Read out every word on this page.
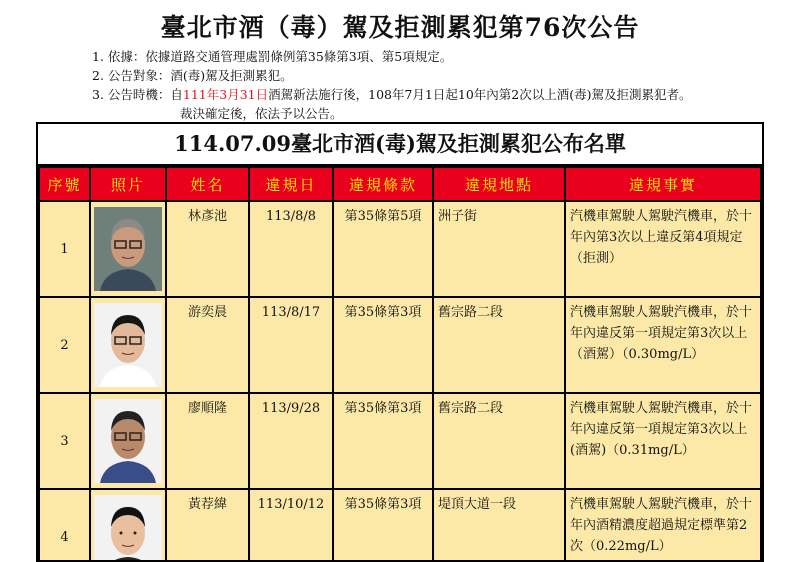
臺北市酒（毒）駕及拒測累犯第76次公告
1. 依據：依據道路交通管理處罰條例第35條第3項、第5項規定。
2. 公告對象：酒(毒)駕及拒測累犯。
3. 公告時機：自111年3月31日酒駕新法施行後，108年7月1日起10年內第2次以上酒(毒)駕及拒測累犯者。
裁決確定後，依法予以公告。
114.07.09臺北市酒(毒)駕及拒測累犯公布名單
序號	照片	姓名	違規日	違規條款	違規地點	違規事實
1		林彥池	113/8/8	第35條第5項	洲子街	汽機車駕駛人駕駛汽機車，於十年內第3次以上違反第4項規定（拒測）
2		游奕晨	113/8/17	第35條第3項	舊宗路二段	汽機車駕駛人駕駛汽機車，於十年內違反第一項規定第3次以上（酒駕）（0.30mg/L）
3		廖順隆	113/9/28	第35條第3項	舊宗路二段	汽機車駕駛人駕駛汽機車，於十年內違反第一項規定第3次以上(酒駕)（0.31mg/L）
4		黃荐緯	113/10/12	第35條第3項	堤頂大道一段	汽機車駕駛人駕駛汽機車，於十年內酒精濃度超過規定標準第2次（0.22mg/L）
